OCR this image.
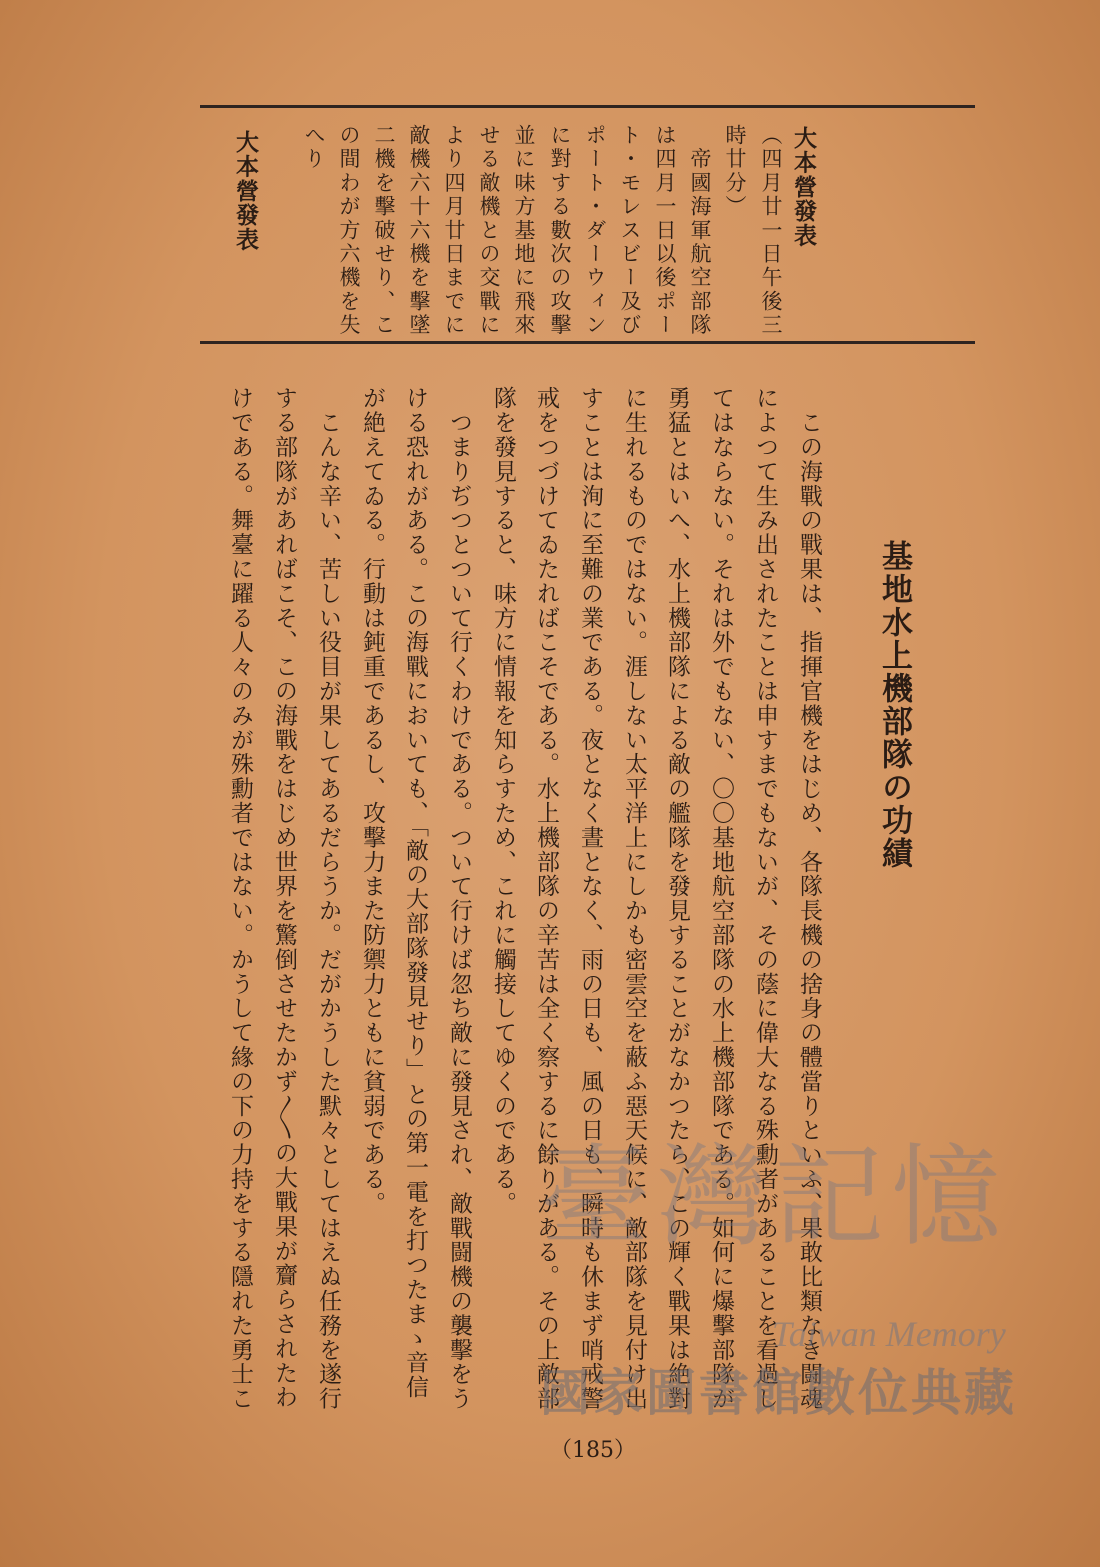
大本營發表
（四月廿一日午後三
時廿分）
　帝國海軍航空部隊
は四月一日以後ポー
ト・モレスビー及び
ポート・ダーウィン
に對する數次の攻擊
並に味方基地に飛來
せる敵機との交戰に
より四月廿日までに
敵機六十六機を擊墜
二機を擊破せり、こ
の間わが方六機を失
へり
大本營發表
基地水上機部隊の功績
　この海戰の戰果は、指揮官機をはじめ、各隊長機の捨身の體當りといふ、果敢比類なき闘魂
によつて生み出されたことは申すまでもないが、その蔭に偉大なる殊勳者があることを看過し
てはならない。それは外でもない、〇〇基地航空部隊の水上機部隊である。如何に爆擊部隊が
勇猛とはいへ、水上機部隊による敵の艦隊を發見することがなかつたら、この輝く戰果は絶對
に生れるものではない。涯しない太平洋上にしかも密雲空を蔽ふ惡天候に、敵部隊を見付け出
すことは洵に至難の業である。夜となく晝となく、雨の日も、風の日も、瞬時も休まず哨戒警
戒をつづけてゐたればこそである。水上機部隊の辛苦は全く察するに餘りがある。その上敵部
隊を發見すると、味方に情報を知らすため、これに觸接してゆくのである。
　つまりぢつとついて行くわけである。ついて行けば忽ち敵に發見され、敵戰闘機の襲擊をう
ける恐れがある。この海戰においても、「敵の大部隊發見せり」との第一電を打つたまゝ音信
が絶えてゐる。行動は鈍重であるし、攻擊力また防禦力ともに貧弱である。
　こんな辛い、苦しい役目が果してあるだらうか。だがかうした默々としてはえぬ任務を遂行
する部隊があればこそ、この海戰をはじめ世界を驚倒させたかず〳〵の大戰果が齎らされたわ
けである。舞臺に躍る人々のみが殊勳者ではない。かうして緣の下の力持をする隱れた勇士こ
（185）
臺灣記憶
Taiwan Memory
國家圖書館數位典藏
